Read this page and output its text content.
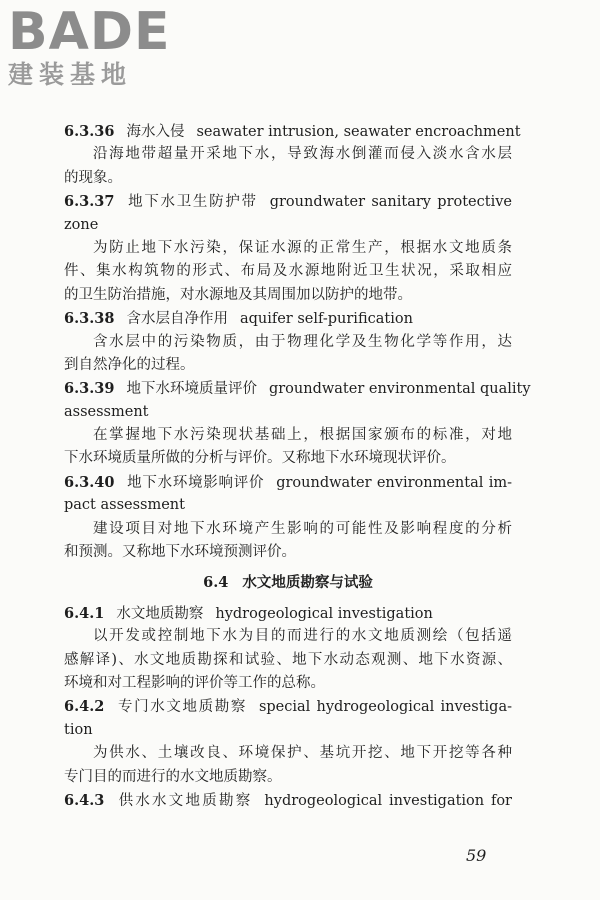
BADE
建装基地
6.3.36 海水入侵 seawater intrusion, seawater encroachment
沿海地带超量开采地下水，导致海水倒灌而侵入淡水含水层
的现象。
6.3.37 地下水卫生防护带 groundwater sanitary protective
zone
为防止地下水污染，保证水源的正常生产，根据水文地质条
件、集水构筑物的形式、布局及水源地附近卫生状况，采取相应
的卫生防治措施，对水源地及其周围加以防护的地带。
6.3.38 含水层自净作用 aquifer self-purification
含水层中的污染物质，由于物理化学及生物化学等作用，达
到自然净化的过程。
6.3.39 地下水环境质量评价 groundwater environmental quality
assessment
在掌握地下水污染现状基础上，根据国家颁布的标准，对地
下水环境质量所做的分析与评价。又称地下水环境现状评价。
6.3.40 地下水环境影响评价 groundwater environmental im-
pact assessment
建设项目对地下水环境产生影响的可能性及影响程度的分析
和预测。又称地下水环境预测评价。
6.4 水文地质勘察与试验
6.4.1 水文地质勘察 hydrogeological investigation
以开发或控制地下水为目的而进行的水文地质测绘（包括遥
感解译)、水文地质勘探和试验、地下水动态观测、地下水资源、
环境和对工程影响的评价等工作的总称。
6.4.2 专门水文地质勘察 special hydrogeological investiga-
tion
为供水、土壤改良、环境保护、基坑开挖、地下开挖等各种
专门目的而进行的水文地质勘察。
6.4.3 供水水文地质勘察 hydrogeological investigation for
59
